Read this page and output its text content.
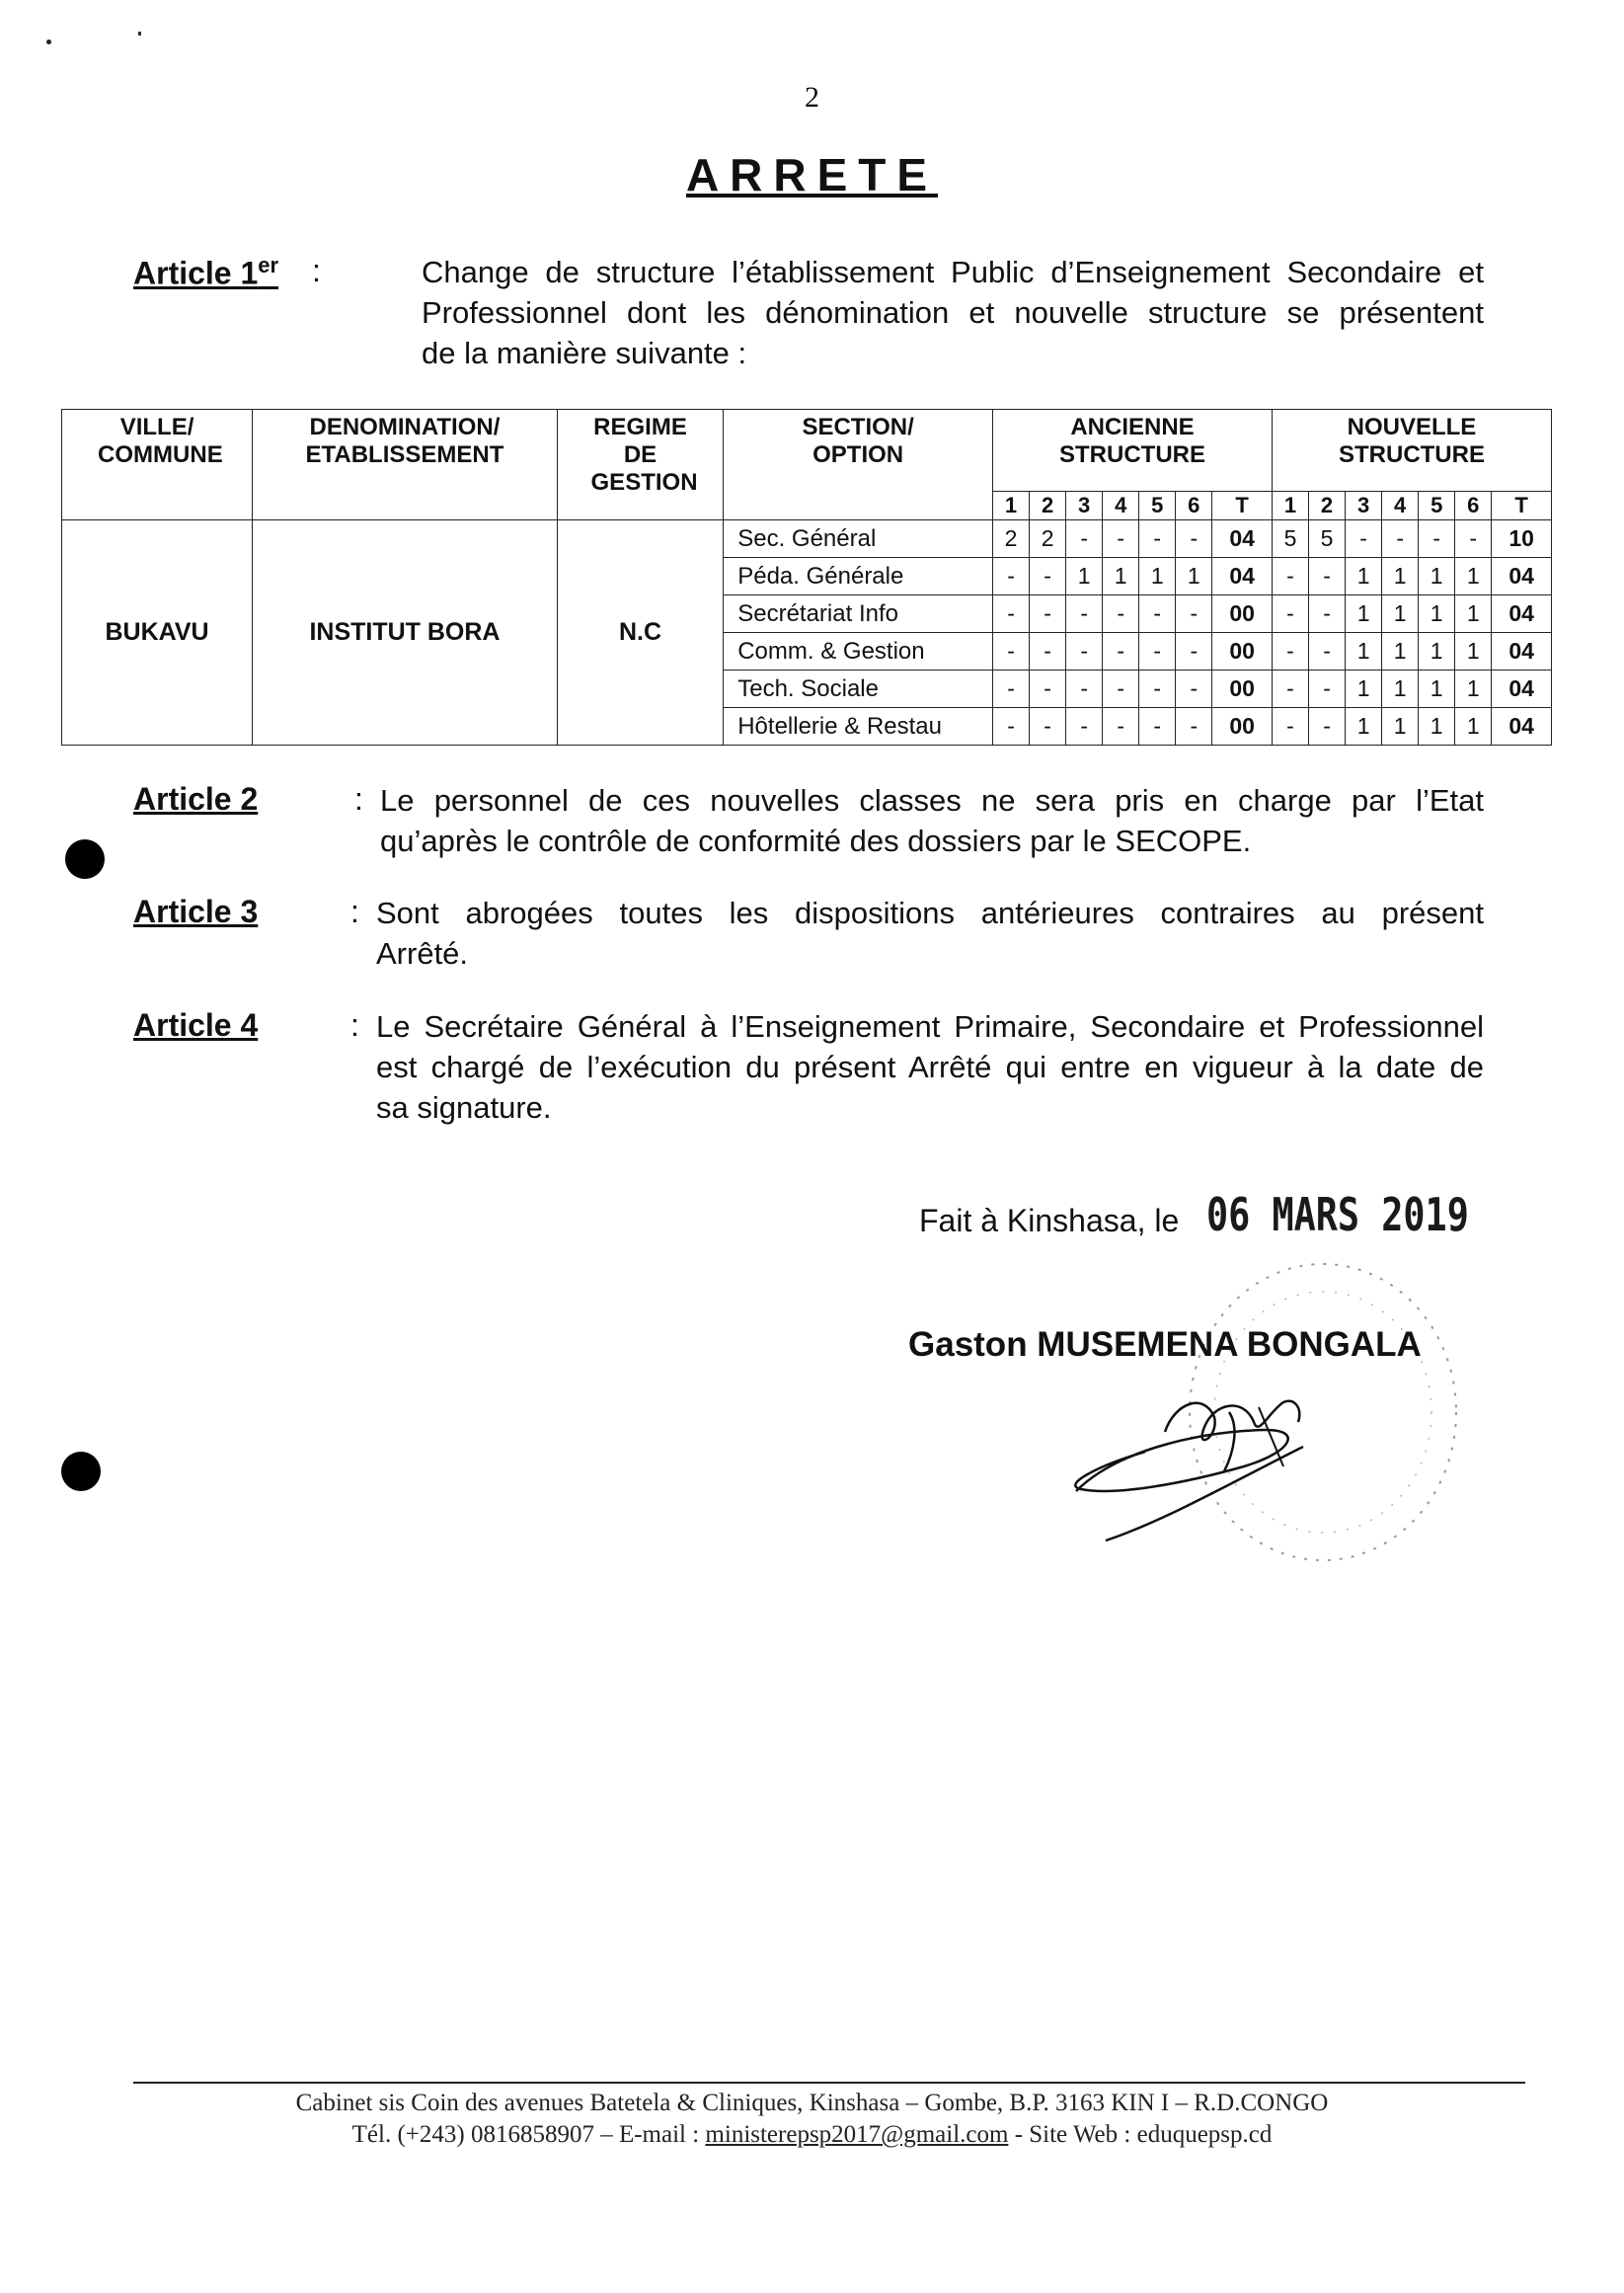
2
ARRETE
Article 1er :	Change de structure l’établissement Public d’Enseignement Secondaire et
Professionnel dont les dénomination et nouvelle structure se présentent
de la manière suivante :
VILLE/ COMMUNE	DENOMINATION/ ETABLISSEMENT	REGIME DE GESTION	SECTION/ OPTION	ANCIENNE STRUCTURE							NOUVELLE STRUCTURE						

				1	2	3	4	5	6	T	1	2	3	4	5	6	T
BUKAVU	INSTITUT BORA	N.C	Sec. Général	2	2	-	-	-	-	04	5	5	-	-	-	-	10
			Péda. Générale	-	-	1	1	1	1	04	-	-	1	1	1	1	04
			Secrétariat Info	-	-	-	-	-	-	00	-	-	1	1	1	1	04
			Comm. & Gestion	-	-	-	-	-	-	00	-	-	1	1	1	1	04
			Tech. Sociale	-	-	-	-	-	-	00	-	-	1	1	1	1	04
			Hôtellerie & Restau	-	-	-	-	-	-	00	-	-	1	1	1	1	04
Article 2	: Le personnel de ces nouvelles classes ne sera pris en charge par l’Etat
qu’après le contrôle de conformité des dossiers par le SECOPE.
Article 3	: Sont abrogées toutes les dispositions antérieures contraires au présent
Arrêté.
Article 4	: Le Secrétaire Général à l’Enseignement Primaire, Secondaire et Professionnel
est chargé de l’exécution du présent Arrêté qui entre en vigueur à la date de
sa signature.
Fait à Kinshasa, le 06 MARS 2019
Gaston MUSEMENA BONGALA
Cabinet sis Coin des avenues Batetela & Cliniques, Kinshasa – Gombe, B.P. 3163 KIN I – R.D.CONGO
Tél. (+243) 0816858907 – E-mail : ministerepsp2017@gmail.com - Site Web : eduquepsp.cd
